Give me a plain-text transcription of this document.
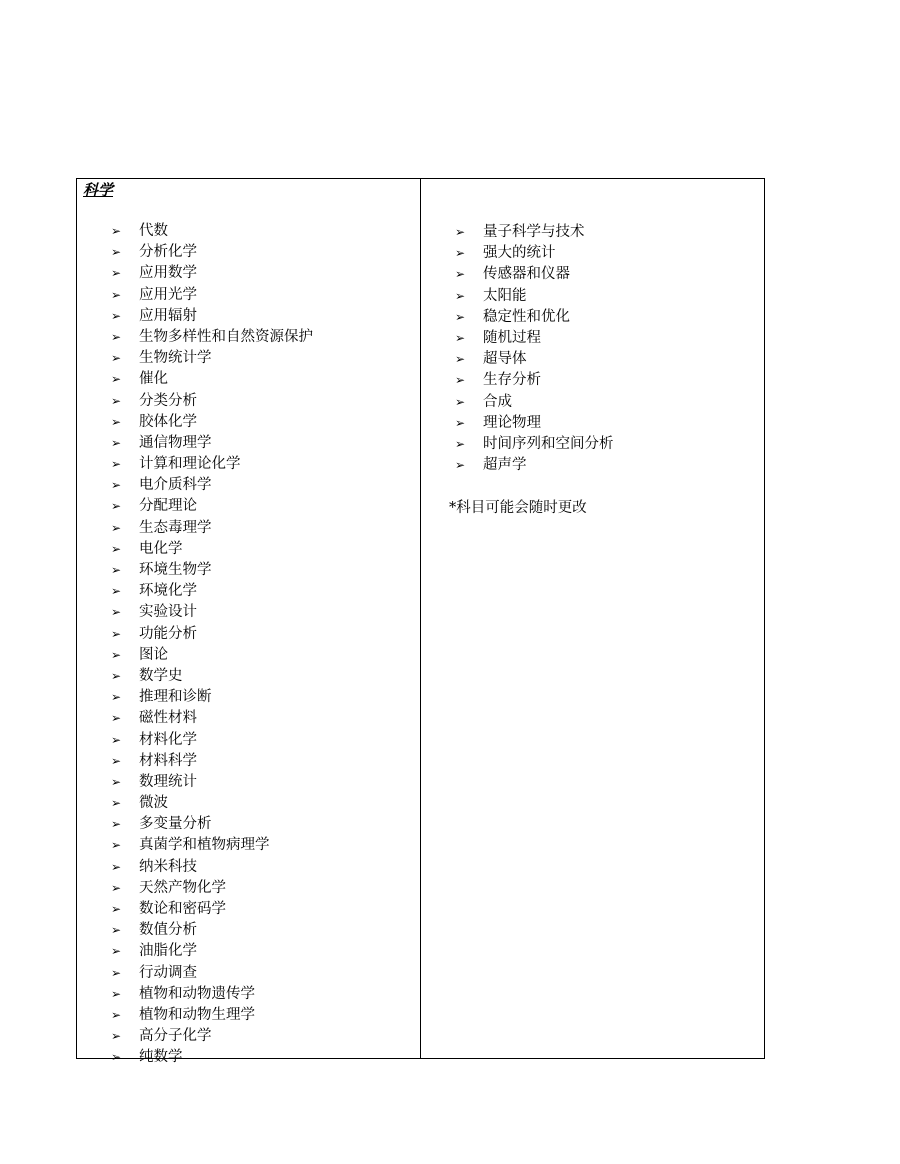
科学
➢ 代数
➢ 分析化学
➢ 应用数学
➢ 应用光学
➢ 应用辐射
➢ 生物多样性和自然资源保护
➢ 生物统计学
➢ 催化
➢ 分类分析
➢ 胶体化学
➢ 通信物理学
➢ 计算和理论化学
➢ 电介质科学
➢ 分配理论
➢ 生态毒理学
➢ 电化学
➢ 环境生物学
➢ 环境化学
➢ 实验设计
➢ 功能分析
➢ 图论
➢ 数学史
➢ 推理和诊断
➢ 磁性材料
➢ 材料化学
➢ 材料科学
➢ 数理统计
➢ 微波
➢ 多变量分析
➢ 真菌学和植物病理学
➢ 纳米科技
➢ 天然产物化学
➢ 数论和密码学
➢ 数值分析
➢ 油脂化学
➢ 行动调查
➢ 植物和动物遗传学
➢ 植物和动物生理学
➢ 高分子化学
➢ 纯数学
➢ 量子科学与技术
➢ 强大的统计
➢ 传感器和仪器
➢ 太阳能
➢ 稳定性和优化
➢ 随机过程
➢ 超导体
➢ 生存分析
➢ 合成
➢ 理论物理
➢ 时间序列和空间分析
➢ 超声学
*科目可能会随时更改
